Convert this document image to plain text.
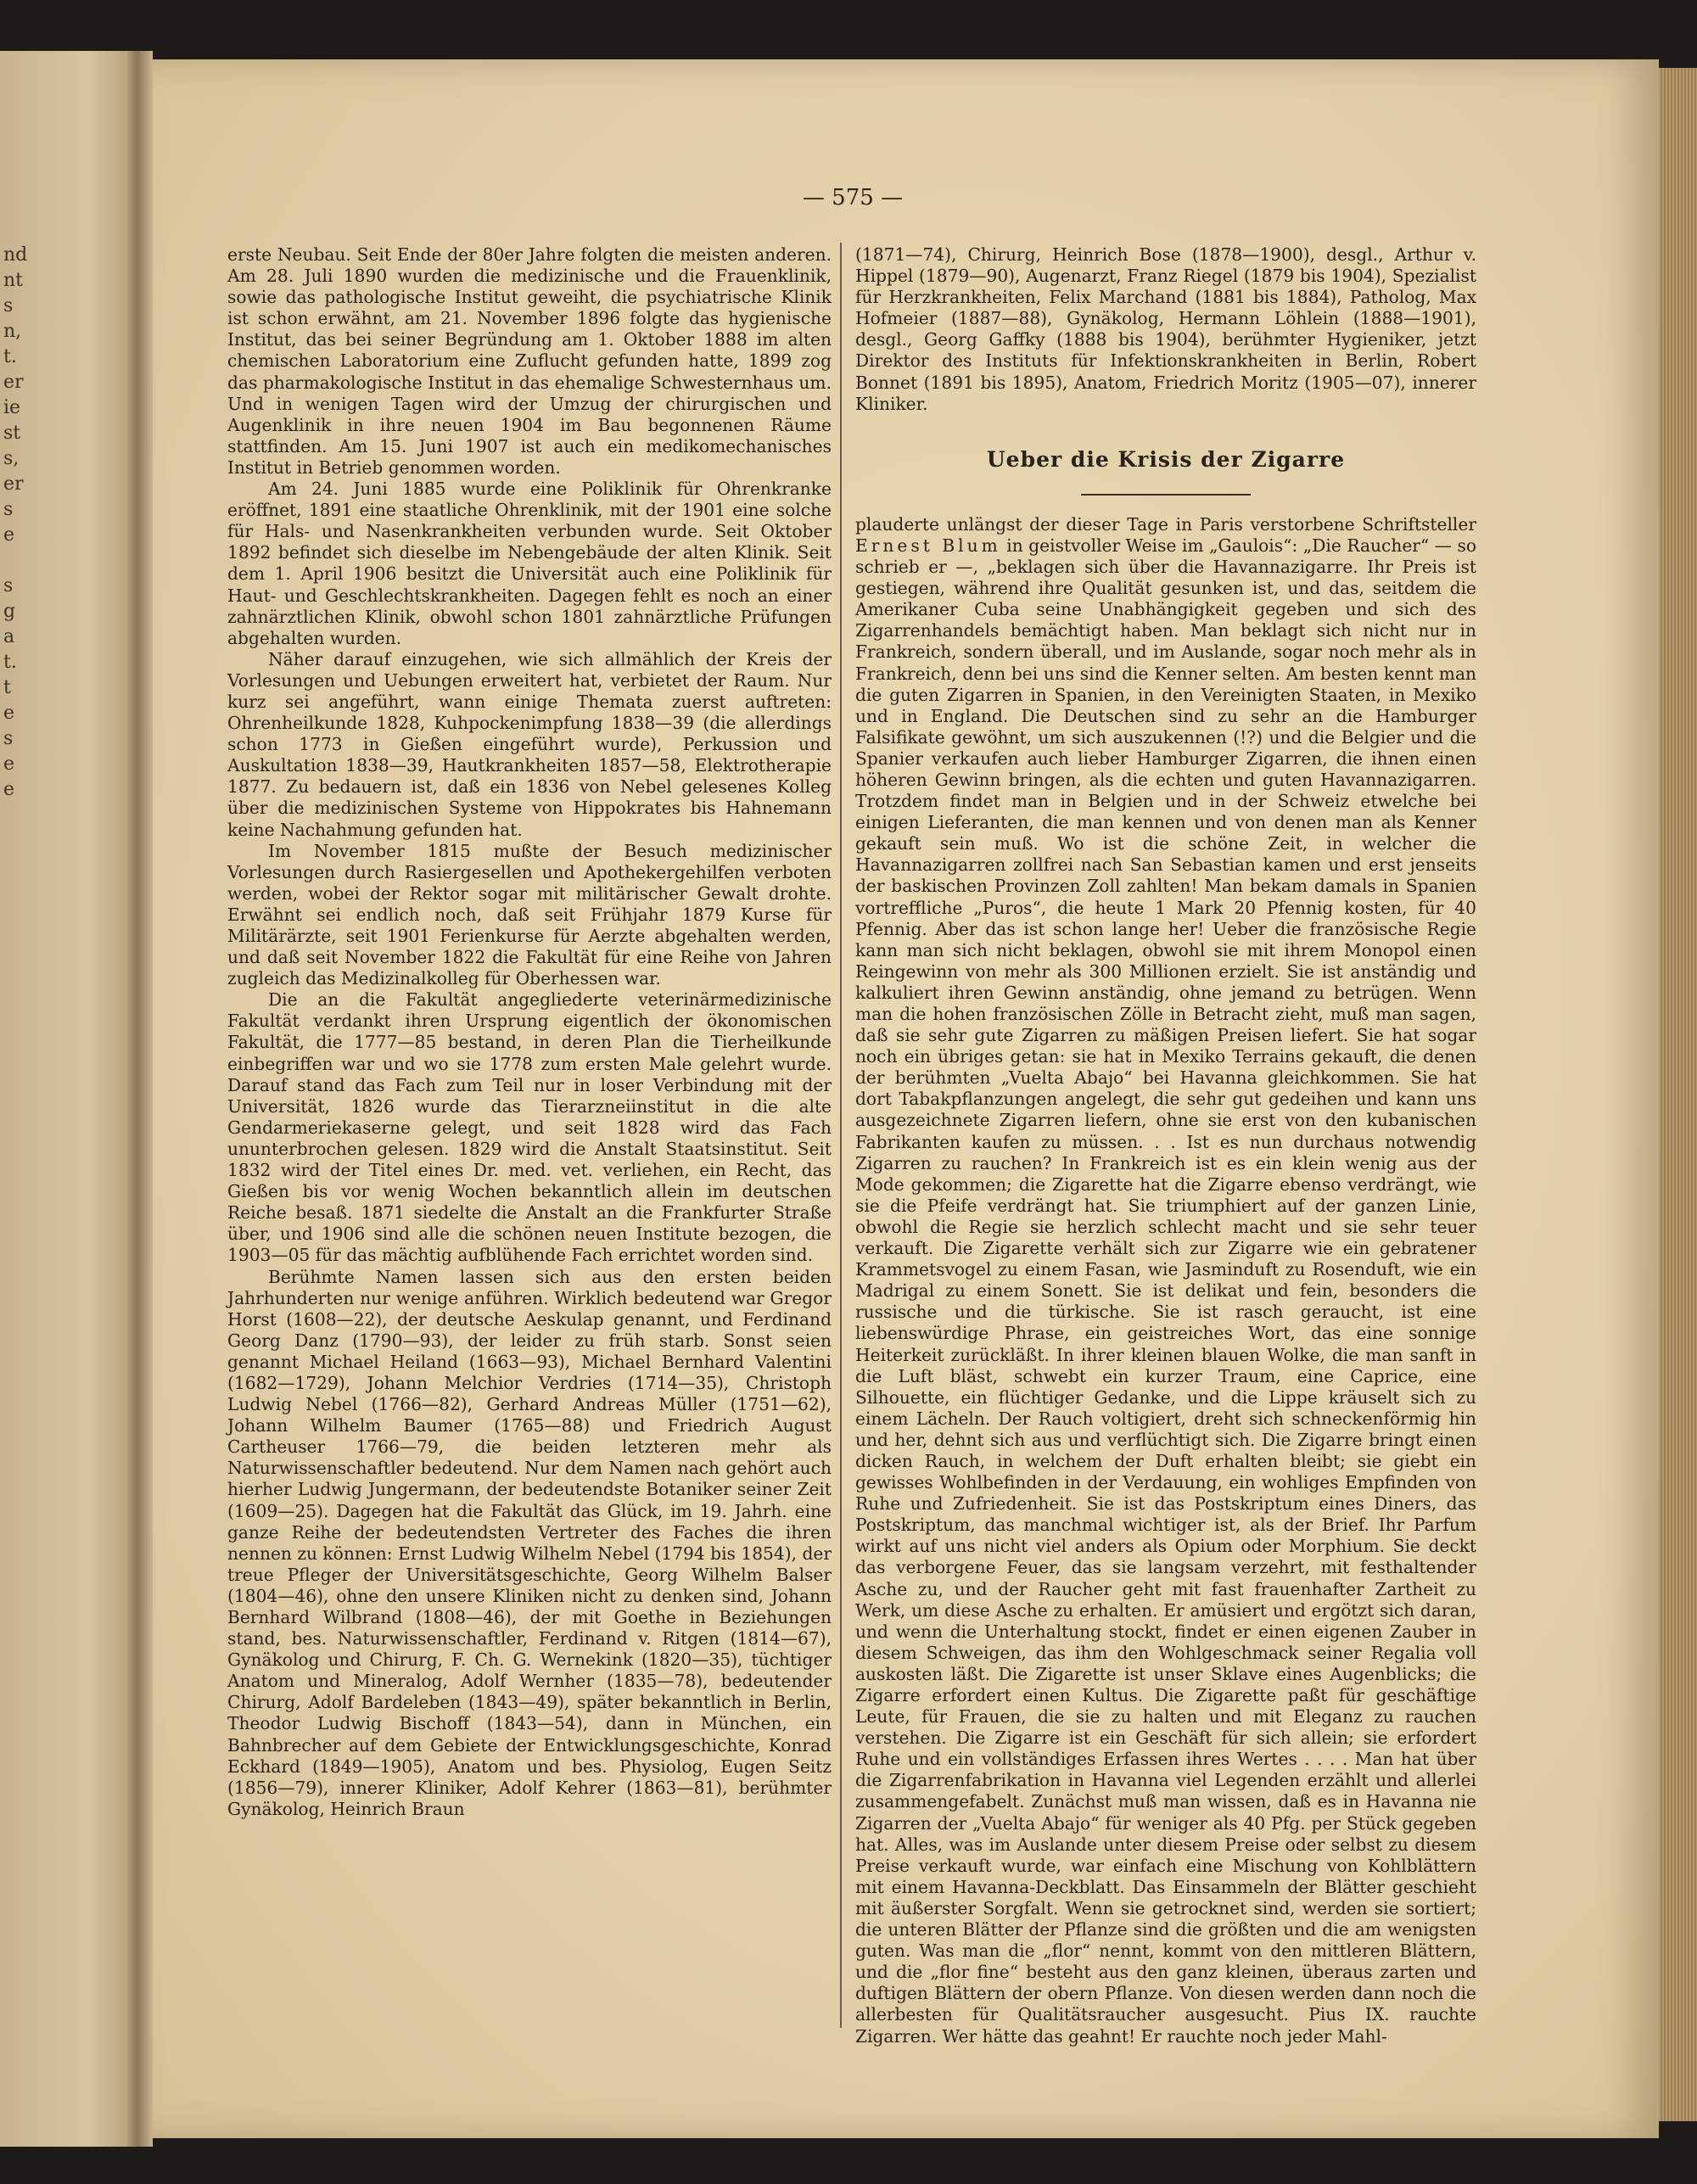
nd
nt
s
n,
t.
er
ie
st
s,
er
s
e
s
g
a
t.
t
e
s
e
e
— 575 —

erste Neubau. Seit Ende der 80er Jahre folgten die meisten anderen. Am 28. Juli 1890 wurden die medizinische und die Frauenklinik, sowie das pathologische Institut geweiht, die psychiatrische Klinik ist schon erwähnt, am 21. November 1896 folgte das hygienische Institut, das bei seiner Begründung am 1. Oktober 1888 im alten chemischen Laboratorium eine Zuflucht gefunden hatte, 1899 zog das pharmakologische Institut in das ehemalige Schwesternhaus um. Und in wenigen Tagen wird der Umzug der chirurgischen und Augenklinik in ihre neuen 1904 im Bau begonnenen Räume stattfinden. Am 15. Juni 1907 ist auch ein medikomechanisches Institut in Betrieb genommen worden.

Am 24. Juni 1885 wurde eine Poliklinik für Ohrenkranke eröffnet, 1891 eine staatliche Ohrenklinik, mit der 1901 eine solche für Hals- und Nasenkrankheiten verbunden wurde. Seit Oktober 1892 befindet sich dieselbe im Nebengebäude der alten Klinik. Seit dem 1. April 1906 besitzt die Universität auch eine Poliklinik für Haut- und Geschlechtskrankheiten. Dagegen fehlt es noch an einer zahnärztlichen Klinik, obwohl schon 1801 zahnärztliche Prüfungen abgehalten wurden.

Näher darauf einzugehen, wie sich allmählich der Kreis der Vorlesungen und Uebungen erweitert hat, verbietet der Raum. Nur kurz sei angeführt, wann einige Themata zuerst auftreten: Ohrenheilkunde 1828, Kuhpockenimpfung 1838—39 (die allerdings schon 1773 in Gießen eingeführt wurde), Perkussion und Auskultation 1838—39, Hautkrankheiten 1857—58, Elektrotherapie 1877. Zu bedauern ist, daß ein 1836 von Nebel gelesenes Kolleg über die medizinischen Systeme von Hippokrates bis Hahnemann keine Nachahmung gefunden hat.

Im November 1815 mußte der Besuch medizinischer Vorlesungen durch Rasiergesellen und Apothekergehilfen verboten werden, wobei der Rektor sogar mit militärischer Gewalt drohte. Erwähnt sei endlich noch, daß seit Frühjahr 1879 Kurse für Militärärzte, seit 1901 Ferienkurse für Aerzte abgehalten werden, und daß seit November 1822 die Fakultät für eine Reihe von Jahren zugleich das Medizinalkolleg für Oberhessen war.

Die an die Fakultät angegliederte veterinärmedizinische Fakultät verdankt ihren Ursprung eigentlich der ökonomischen Fakultät, die 1777—85 bestand, in deren Plan die Tierheilkunde einbegriffen war und wo sie 1778 zum ersten Male gelehrt wurde. Darauf stand das Fach zum Teil nur in loser Verbindung mit der Universität, 1826 wurde das Tierarzneiinstitut in die alte Gendarmeriekaserne gelegt, und seit 1828 wird das Fach ununterbrochen gelesen. 1829 wird die Anstalt Staatsinstitut. Seit 1832 wird der Titel eines Dr. med. vet. verliehen, ein Recht, das Gießen bis vor wenig Wochen bekanntlich allein im deutschen Reiche besaß. 1871 siedelte die Anstalt an die Frankfurter Straße über, und 1906 sind alle die schönen neuen Institute bezogen, die 1903—05 für das mächtig aufblühende Fach errichtet worden sind.

Berühmte Namen lassen sich aus den ersten beiden Jahrhunderten nur wenige anführen. Wirklich bedeutend war Gregor Horst (1608—22), der deutsche Aeskulap genannt, und Ferdinand Georg Danz (1790—93), der leider zu früh starb. Sonst seien genannt Michael Heiland (1663—93), Michael Bernhard Valentini (1682—1729), Johann Melchior Verdries (1714—35), Christoph Ludwig Nebel (1766—82), Gerhard Andreas Müller (1751—62), Johann Wilhelm Baumer (1765—88) und Friedrich August Cartheuser 1766—79, die beiden letzteren mehr als Naturwissenschaftler bedeutend. Nur dem Namen nach gehört auch hierher Ludwig Jungermann, der bedeutendste Botaniker seiner Zeit (1609—25). Dagegen hat die Fakultät das Glück, im 19. Jahrh. eine ganze Reihe der bedeutendsten Vertreter des Faches die ihren nennen zu können: Ernst Ludwig Wilhelm Nebel (1794 bis 1854), der treue Pfleger der Universitätsgeschichte, Georg Wilhelm Balser (1804—46), ohne den unsere Kliniken nicht zu denken sind, Johann Bernhard Wilbrand (1808—46), der mit Goethe in Beziehungen stand, bes. Naturwissenschaftler, Ferdinand v. Ritgen (1814—67), Gynäkolog und Chirurg, F. Ch. G. Wernekink (1820—35), tüchtiger Anatom und Mineralog, Adolf Wernher (1835—78), bedeutender Chirurg, Adolf Bardeleben (1843—49), später bekanntlich in Berlin, Theodor Ludwig Bischoff (1843—54), dann in München, ein Bahnbrecher auf dem Gebiete der Entwicklungsgeschichte, Konrad Eckhard (1849—1905), Anatom und bes. Physiolog, Eugen Seitz (1856—79), innerer Kliniker, Adolf Kehrer (1863—81), berühmter Gynäkolog, Heinrich Braun

(1871—74), Chirurg, Heinrich Bose (1878—1900), desgl., Arthur v. Hippel (1879—90), Augenarzt, Franz Riegel (1879 bis 1904), Spezialist für Herzkrankheiten, Felix Marchand (1881 bis 1884), Patholog, Max Hofmeier (1887—88), Gynäkolog, Hermann Löhlein (1888—1901), desgl., Georg Gaffky (1888 bis 1904), berühmter Hygieniker, jetzt Direktor des Instituts für Infektionskrankheiten in Berlin, Robert Bonnet (1891 bis 1895), Anatom, Friedrich Moritz (1905—07), innerer Kliniker.

Ueber die Krisis der Zigarre

plauderte unlängst der dieser Tage in Paris verstorbene Schriftsteller Ernest Blum in geistvoller Weise im „Gaulois“: „Die Raucher“ — so schrieb er —, „beklagen sich über die Havannazigarre. Ihr Preis ist gestiegen, während ihre Qualität gesunken ist, und das, seitdem die Amerikaner Cuba seine Unabhängigkeit gegeben und sich des Zigarrenhandels bemächtigt haben. Man beklagt sich nicht nur in Frankreich, sondern überall, und im Auslande, sogar noch mehr als in Frankreich, denn bei uns sind die Kenner selten. Am besten kennt man die guten Zigarren in Spanien, in den Vereinigten Staaten, in Mexiko und in England. Die Deutschen sind zu sehr an die Hamburger Falsifikate gewöhnt, um sich auszukennen (!?) und die Belgier und die Spanier verkaufen auch lieber Hamburger Zigarren, die ihnen einen höheren Gewinn bringen, als die echten und guten Havannazigarren. Trotzdem findet man in Belgien und in der Schweiz etwelche bei einigen Lieferanten, die man kennen und von denen man als Kenner gekauft sein muß. Wo ist die schöne Zeit, in welcher die Havannazigarren zollfrei nach San Sebastian kamen und erst jenseits der baskischen Provinzen Zoll zahlten! Man bekam damals in Spanien vortreffliche „Puros“, die heute 1 Mark 20 Pfennig kosten, für 40 Pfennig. Aber das ist schon lange her! Ueber die französische Regie kann man sich nicht beklagen, obwohl sie mit ihrem Monopol einen Reingewinn von mehr als 300 Millionen erzielt. Sie ist anständig und kalkuliert ihren Gewinn anständig, ohne jemand zu betrügen. Wenn man die hohen französischen Zölle in Betracht zieht, muß man sagen, daß sie sehr gute Zigarren zu mäßigen Preisen liefert. Sie hat sogar noch ein übriges getan: sie hat in Mexiko Terrains gekauft, die denen der berühmten „Vuelta Abajo“ bei Havanna gleichkommen. Sie hat dort Tabakpflanzungen angelegt, die sehr gut gedeihen und kann uns ausgezeichnete Zigarren liefern, ohne sie erst von den kubanischen Fabrikanten kaufen zu müssen. . . Ist es nun durchaus notwendig Zigarren zu rauchen? In Frankreich ist es ein klein wenig aus der Mode gekommen; die Zigarette hat die Zigarre ebenso verdrängt, wie sie die Pfeife verdrängt hat. Sie triumphiert auf der ganzen Linie, obwohl die Regie sie herzlich schlecht macht und sie sehr teuer verkauft. Die Zigarette verhält sich zur Zigarre wie ein gebratener Krammetsvogel zu einem Fasan, wie Jasminduft zu Rosenduft, wie ein Madrigal zu einem Sonett. Sie ist delikat und fein, besonders die russische und die türkische. Sie ist rasch geraucht, ist eine liebenswürdige Phrase, ein geistreiches Wort, das eine sonnige Heiterkeit zurückläßt. In ihrer kleinen blauen Wolke, die man sanft in die Luft bläst, schwebt ein kurzer Traum, eine Caprice, eine Silhouette, ein flüchtiger Gedanke, und die Lippe kräuselt sich zu einem Lächeln. Der Rauch voltigiert, dreht sich schneckenförmig hin und her, dehnt sich aus und verflüchtigt sich. Die Zigarre bringt einen dicken Rauch, in welchem der Duft erhalten bleibt; sie giebt ein gewisses Wohlbefinden in der Verdauung, ein wohliges Empfinden von Ruhe und Zufriedenheit. Sie ist das Postskriptum eines Diners, das Postskriptum, das manchmal wichtiger ist, als der Brief. Ihr Parfum wirkt auf uns nicht viel anders als Opium oder Morphium. Sie deckt das verborgene Feuer, das sie langsam verzehrt, mit festhaltender Asche zu, und der Raucher geht mit fast frauenhafter Zartheit zu Werk, um diese Asche zu erhalten. Er amüsiert und ergötzt sich daran, und wenn die Unterhaltung stockt, findet er einen eigenen Zauber in diesem Schweigen, das ihm den Wohlgeschmack seiner Regalia voll auskosten läßt. Die Zigarette ist unser Sklave eines Augenblicks; die Zigarre erfordert einen Kultus. Die Zigarette paßt für geschäftige Leute, für Frauen, die sie zu halten und mit Eleganz zu rauchen verstehen. Die Zigarre ist ein Geschäft für sich allein; sie erfordert Ruhe und ein vollständiges Erfassen ihres Wertes . . . . Man hat über die Zigarrenfabrikation in Havanna viel Legenden erzählt und allerlei zusammengefabelt. Zunächst muß man wissen, daß es in Havanna nie Zigarren der „Vuelta Abajo“ für weniger als 40 Pfg. per Stück gegeben hat. Alles, was im Auslande unter diesem Preise oder selbst zu diesem Preise verkauft wurde, war einfach eine Mischung von Kohlblättern mit einem Havanna-Deckblatt. Das Einsammeln der Blätter geschieht mit äußerster Sorgfalt. Wenn sie getrocknet sind, werden sie sortiert; die unteren Blätter der Pflanze sind die größten und die am wenigsten guten. Was man die „flor“ nennt, kommt von den mittleren Blättern, und die „flor fine“ besteht aus den ganz kleinen, überaus zarten und duftigen Blättern der obern Pflanze. Von diesen werden dann noch die allerbesten für Qualitätsraucher ausgesucht. Pius IX. rauchte Zigarren. Wer hätte das geahnt! Er rauchte noch jeder Mahl-
